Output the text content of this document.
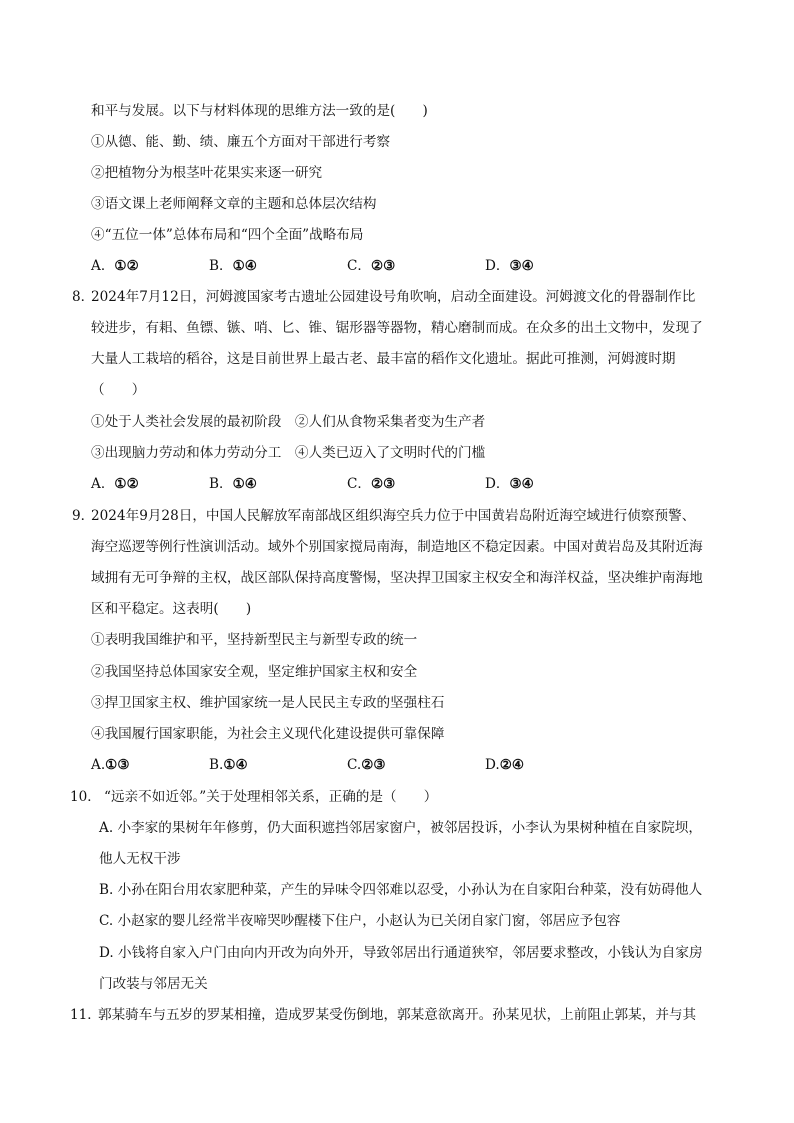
和平与发展。以下与材料体现的思维方法一致的是(　　)
①从德、能、勤、绩、廉五个方面对干部进行考察
②把植物分为根茎叶花果实来逐一研究
③语文课上老师阐释文章的主题和总体层次结构
④“五位一体”总体布局和“四个全面”战略布局
A．①②	B．①④	C．②③	D．③④
8．
2024年7月12日，河姆渡国家考古遗址公园建设号角吹响，启动全面建设。河姆渡文化的骨器制作比
较进步，有耜、鱼镖、镞、哨、匕、锥、锯形器等器物，精心磨制而成。在众多的出土文物中，发现了
大量人工栽培的稻谷，这是目前世界上最古老、最丰富的稻作文化遗址。据此可推测，河姆渡时期
（　　）
①处于人类社会发展的最初阶段　②人们从食物采集者变为生产者
③出现脑力劳动和体力劳动分工　④人类已迈入了文明时代的门槛
A．①②	B．①④	C．②③	D．③④
9．
2024年9月28日，中国人民解放军南部战区组织海空兵力位于中国黄岩岛附近海空域进行侦察预警、
海空巡逻等例行性演训活动。域外个别国家搅局南海，制造地区不稳定因素。中国对黄岩岛及其附近海
域拥有无可争辩的主权，战区部队保持高度警惕，坚决捍卫国家主权安全和海洋权益，坚决维护南海地
区和平稳定。这表明(　　)
①表明我国维护和平，坚持新型民主与新型专政的统一
②我国坚持总体国家安全观，坚定维护国家主权和安全
③捍卫国家主权、维护国家统一是人民民主专政的坚强柱石
④我国履行国家职能，为社会主义现代化建设提供可靠保障
A.①③	B.①④	C.②③	D.②④
10． “远亲不如近邻。”关于处理相邻关系，正确的是（　　）
A. 小李家的果树年年修剪，仍大面积遮挡邻居家窗户，被邻居投诉，小李认为果树种植在自家院坝，
他人无权干涉
B. 小孙在阳台用农家肥种菜，产生的异味令四邻难以忍受，小孙认为在自家阳台种菜，没有妨碍他人
C. 小赵家的婴儿经常半夜啼哭吵醒楼下住户，小赵认为已关闭自家门窗，邻居应予包容
D. 小钱将自家入户门由向内开改为向外开，导致邻居出行通道狭窄，邻居要求整改，小钱认为自家房
门改装与邻居无关
11．
郭某骑车与五岁的罗某相撞，造成罗某受伤倒地，郭某意欲离开。孙某见状，上前阻止郭某，并与其
